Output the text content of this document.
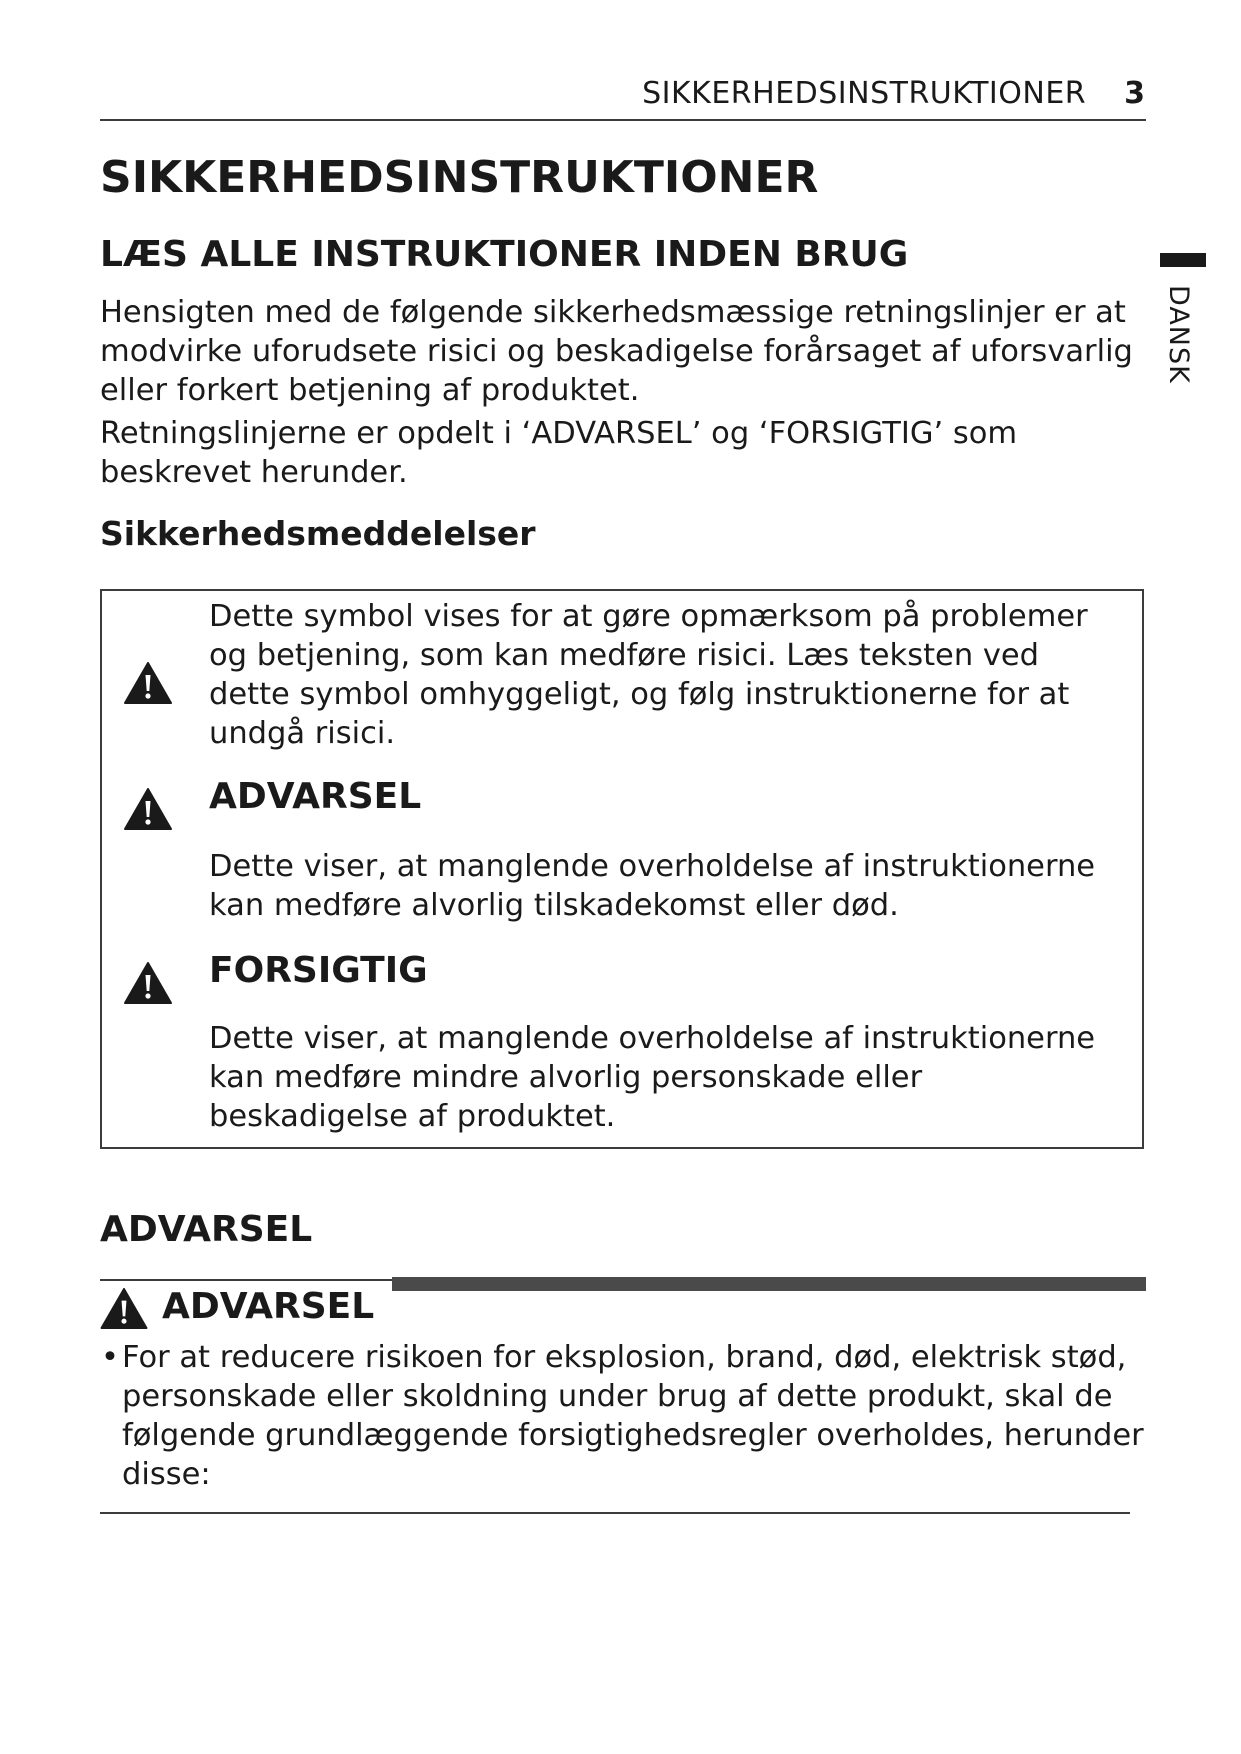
SIKKERHEDSINSTRUKTIONER 3
DANSK
SIKKERHEDSINSTRUKTIONER
LÆS ALLE INSTRUKTIONER INDEN BRUG

Hensigten med de følgende sikkerhedsmæssige retningslinjer er at modvirke uforudsete risici og beskadigelse forårsaget af uforsvarlig eller forkert betjening af produktet.

Retningslinjerne er opdelt i ‘ADVARSEL’ og ‘FORSIGTIG’ som beskrevet herunder.

Sikkerhedsmeddelelser

Dette symbol vises for at gøre opmærksom på problemer og betjening, som kan medføre risici. Læs teksten ved dette symbol omhyggeligt, og følg instruktionerne for at undgå risici.

ADVARSEL

Dette viser, at manglende overholdelse af instruktionerne kan medføre alvorlig tilskadekomst eller død.

FORSIGTIG

Dette viser, at manglende overholdelse af instruktionerne kan medføre mindre alvorlig personskade eller beskadigelse af produktet.

ADVARSEL
ADVARSEL
• For at reducere risikoen for eksplosion, brand, død, elektrisk stød, personskade eller skoldning under brug af dette produkt, skal de følgende grundlæggende forsigtighedsregler overholdes, herunder disse:
